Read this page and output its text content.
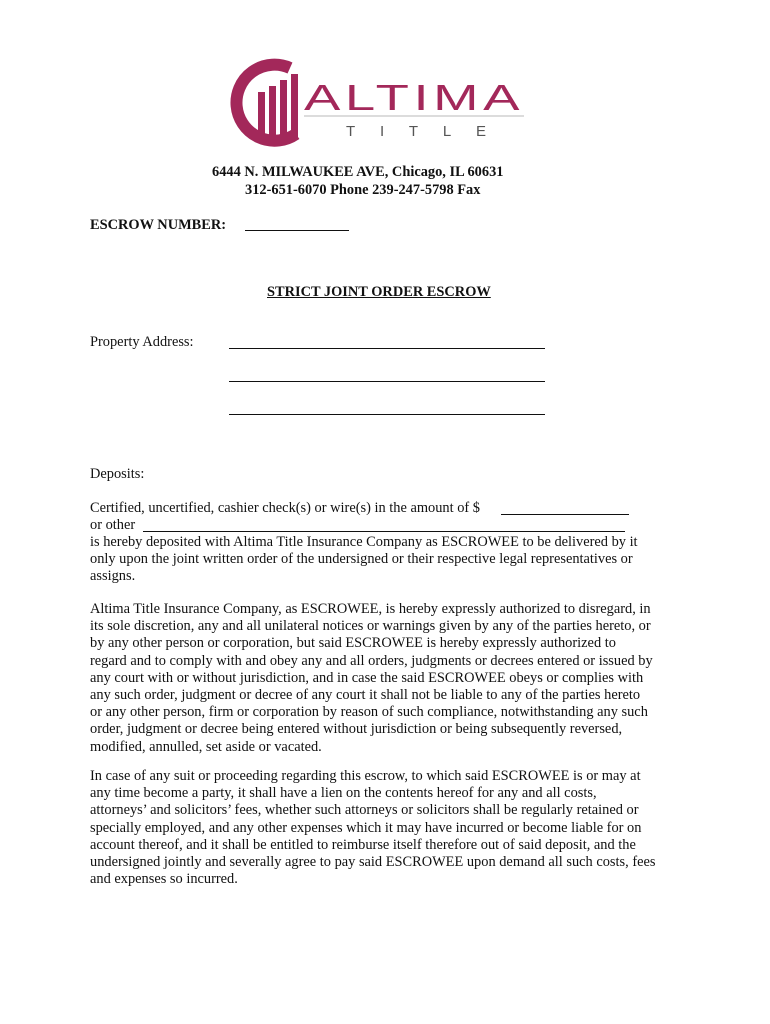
ALTIMA
TITLE
6444 N. MILWAUKEE AVE, Chicago, IL 60631
312-651-6070 Phone 239-247-5798 Fax
ESCROW NUMBER:
STRICT JOINT ORDER ESCROW
Property Address:
Deposits:
Certified, uncertified, cashier check(s) or wire(s) in the amount of $
or other
is hereby deposited with Altima Title Insurance Company as ESCROWEE to be delivered by it
only upon the joint written order of the undersigned or their respective legal representatives or
assigns.
Altima Title Insurance Company, as ESCROWEE, is hereby expressly authorized to disregard, in
its sole discretion, any and all unilateral notices or warnings given by any of the parties hereto, or
by any other person or corporation, but said ESCROWEE is hereby expressly authorized to
regard and to comply with and obey any and all orders, judgments or decrees entered or issued by
any court with or without jurisdiction, and in case the said ESCROWEE obeys or complies with
any such order, judgment or decree of any court it shall not be liable to any of the parties hereto
or any other person, firm or corporation by reason of such compliance, notwithstanding any such
order, judgment or decree being entered without jurisdiction or being subsequently reversed,
modified, annulled, set aside or vacated.
In case of any suit or proceeding regarding this escrow, to which said ESCROWEE is or may at
any time become a party, it shall have a lien on the contents hereof for any and all costs,
attorneys’ and solicitors’ fees, whether such attorneys or solicitors shall be regularly retained or
specially employed, and any other expenses which it may have incurred or become liable for on
account thereof, and it shall be entitled to reimburse itself therefore out of said deposit, and the
undersigned jointly and severally agree to pay said ESCROWEE upon demand all such costs, fees
and expenses so incurred.
